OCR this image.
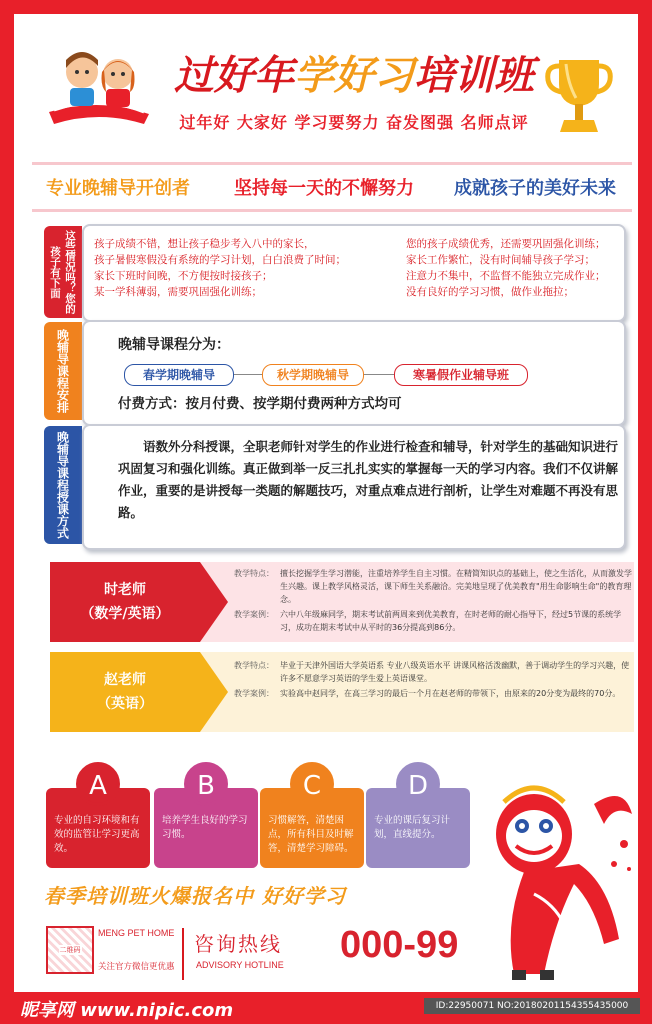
过好年学好习培训班
过年好 大家好 学习要努力 奋发图强 名师点评
专业晚辅导开创者 坚持每一天的不懈努力 成就孩子的美好未来
这些情况吗？您的孩子有下面
孩子成绩不错，想让孩子稳步考入八中的家长，
孩子暑假寒假没有系统的学习计划，白白浪费了时间；
家长下班时间晚，不方便按时接孩子；
某一学科薄弱，需要巩固强化训练；
您的孩子成绩优秀，还需要巩固强化训练；
家长工作繁忙，没有时间辅导孩子学习；
注意力不集中，不监督不能独立完成作业；
没有良好的学习习惯，做作业拖拉；
晚辅导课程安排	晚辅导课程分为：
春学期晚辅导	秋学期晚辅导	寒暑假作业辅导班
付费方式：按月付费、按学期付费两种方式均可
晚辅导课程授课方式	语数外分科授课，全职老师针对学生的作业进行检查和辅导，针对学生的基础知识进行巩固复习和强化训练。真正做到举一反三扎扎实实的掌握每一天的学习内容。我们不仅讲解作业，重要的是讲授每一类题的解题技巧，对重点难点进行剖析，让学生对难题不再没有思路。
时老师
（数学/英语）
教学特点： 擅长挖掘学生学习潜能，注重培养学生自主习惯。在精简知识点的基础上，使之生活化，从而激发学生兴趣。课上教学风格灵活，课下师生关系融洽。完美地呈现了优美教育"用生命影响生命"的教育理念。
教学案例： 六中八年级麻同学，期末考试前两周来到优美教育，在时老师的耐心指导下，经过5节课的系统学习，成功在期末考试中从平时的36分提高到86分。
赵老师
（英语）
教学特点： 毕业于天津外国语大学英语系 专业八级英语水平 讲课风格活泼幽默，善于调动学生的学习兴趣，使许多不愿意学习英语的学生爱上英语课堂。
教学案例： 实验高中赵同学，在高三学习的最后一个月在赵老师的带领下，由原来的20分变为最终的70分。
专业的自习环境和有效的监管让学习更高效。
A
培养学生良好的学习习惯。
B
习惯解答，清楚困点，所有科目及时解答，清楚学习障碍。
C
专业的课后复习计划，直线提分。
D
春季培训班火爆报名中 好好学习
二维码
MENG PET HOME
关注官方微信更优惠
咨询热线
ADVISORY HOTLINE 000-99
昵享网 www.nipic.com	ID:22950071 NO:20180201154355435000
